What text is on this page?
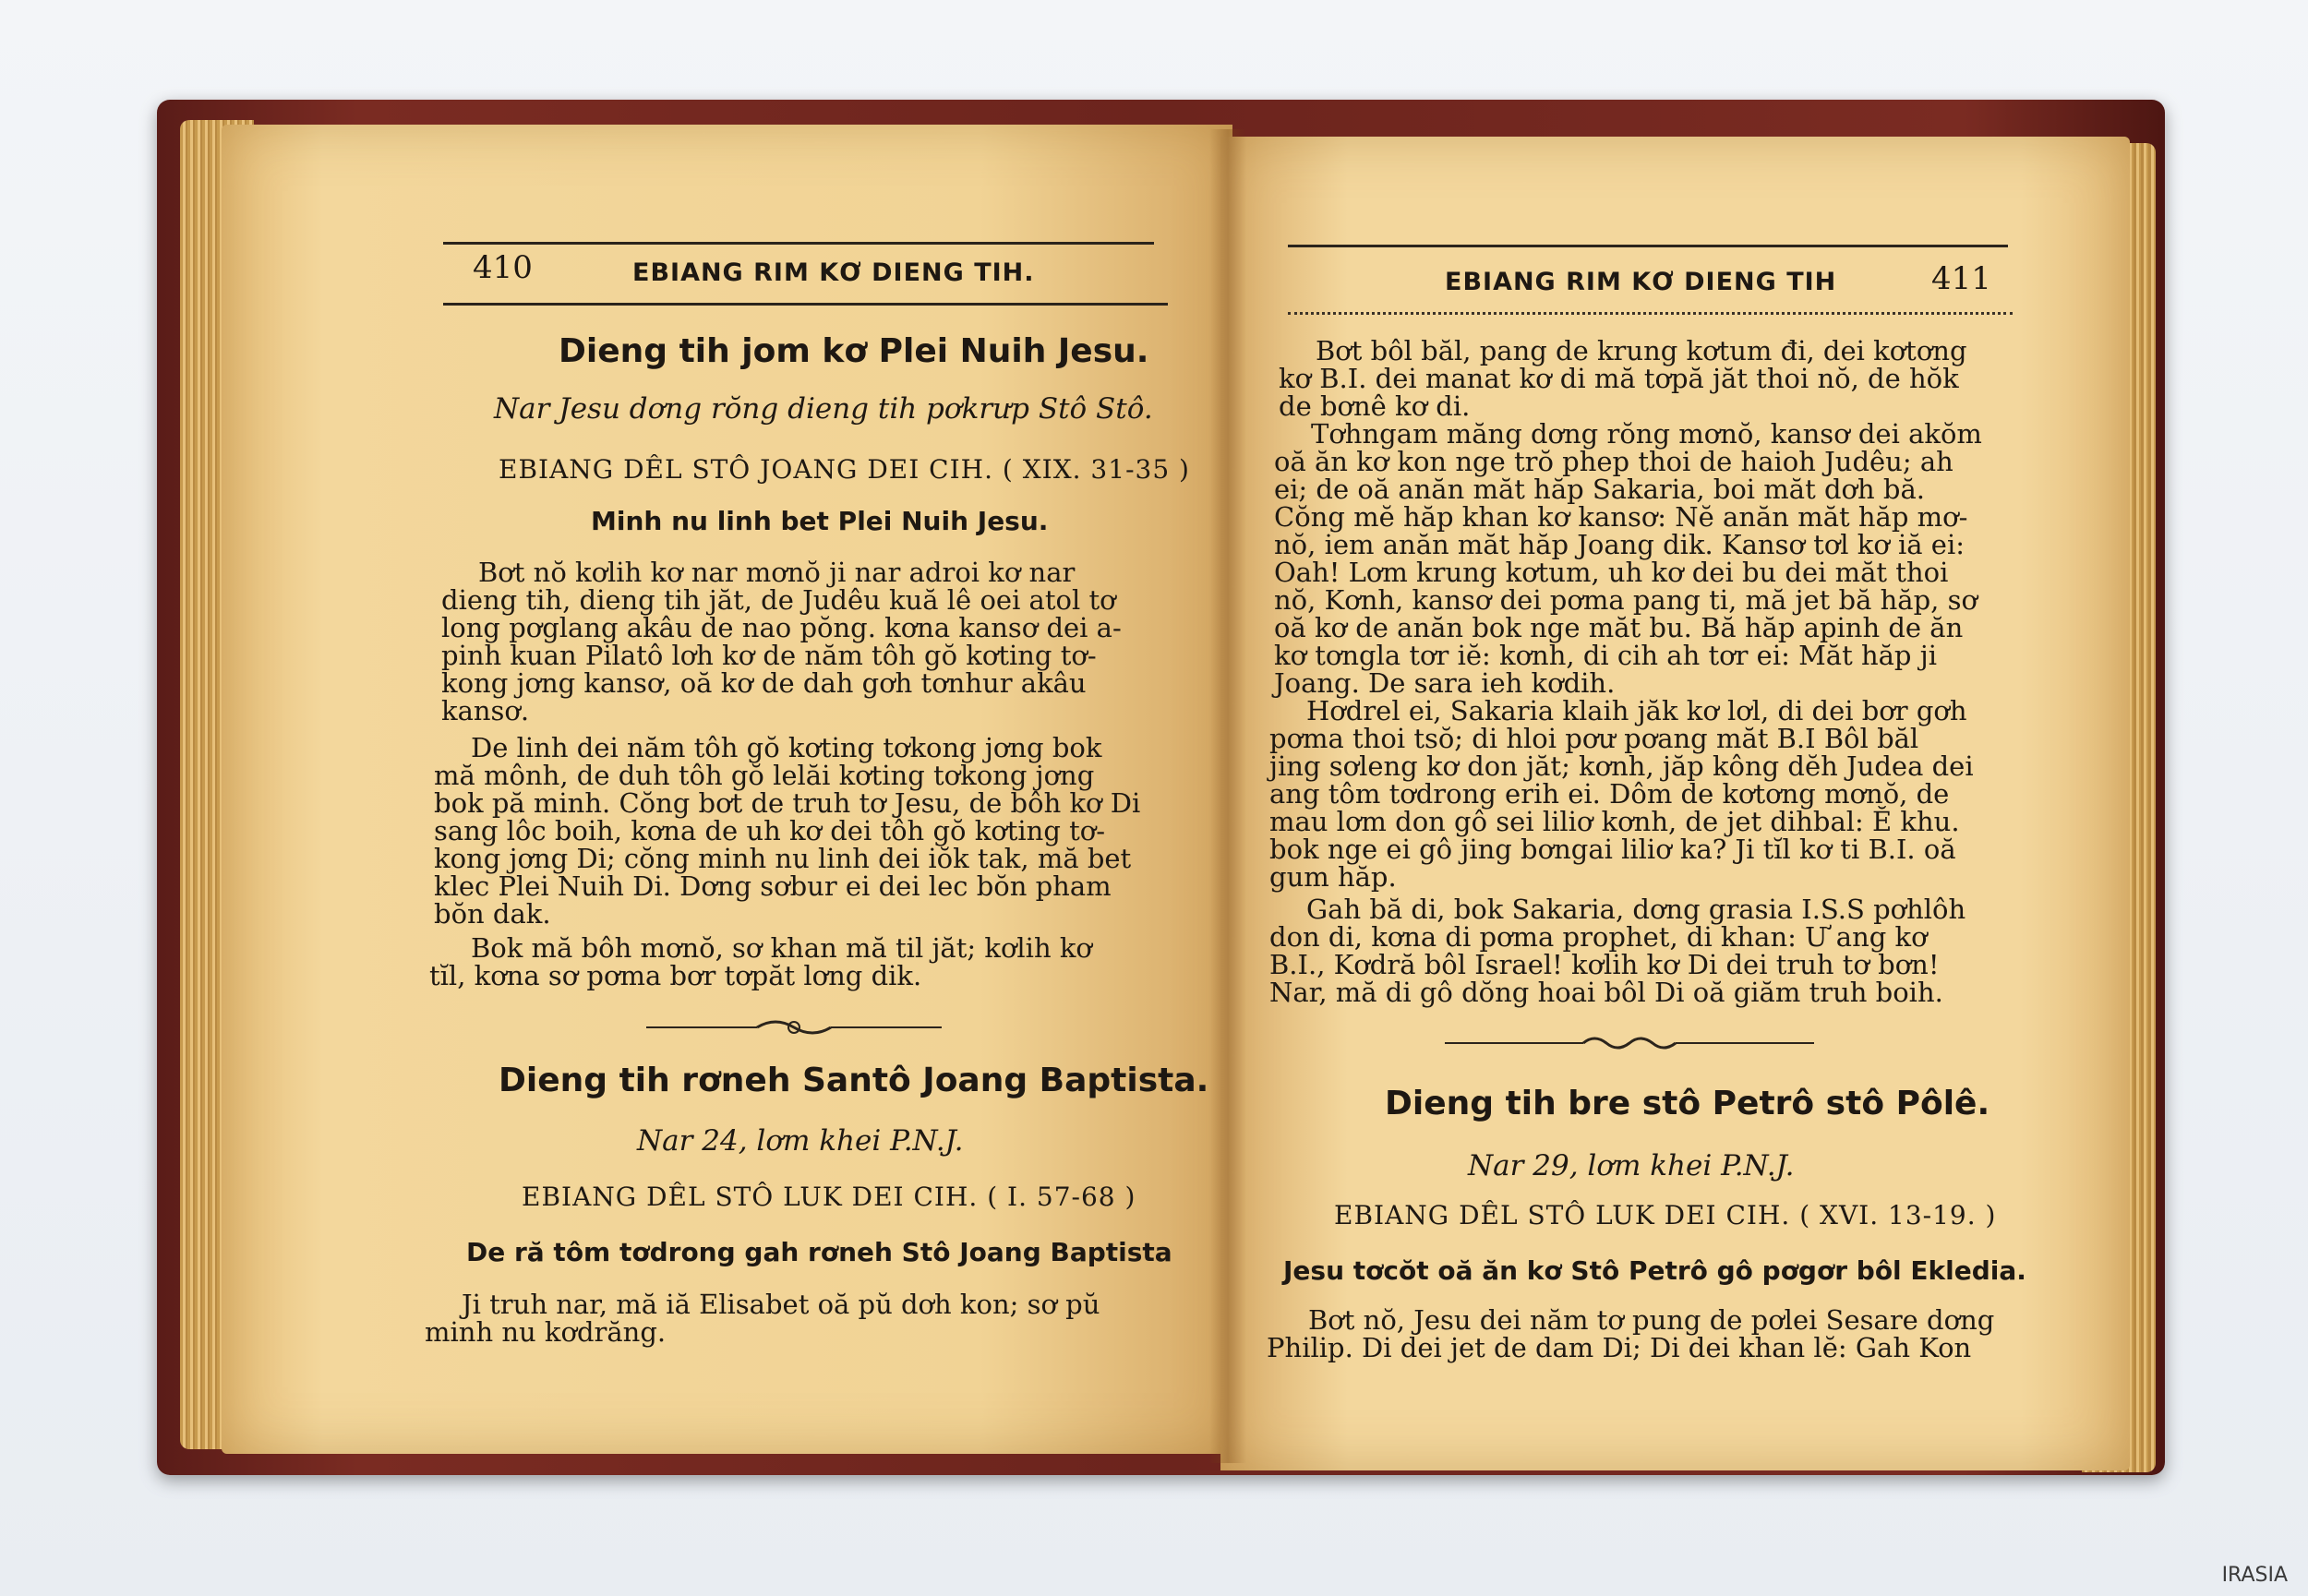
410	EBIANG RIM KƠ DIENG TIH.
Dieng tih jom kơ Plei Nuih Jesu.
Nar Jesu dơng rŏng dieng tih pơkrưp Stô Stô.
EBIANG DÊL STÔ JOANG DEI CIH. ( XIX. 31-35 )
Minh nu linh bet Plei Nuih Jesu.
Bơt nŏ kơlih kơ nar mơnŏ ji nar adroi kơ nar
dieng tih, dieng tih jăt, de Judêu kuă lê oei atol tơ
long pơglang akâu de nao pŏng. kơna kansơ dei a-
pinh kuan Pilatô lơh kơ de năm tôh gŏ kơting tơ-
kong jơng kansơ, oă kơ de dah gơh tơnhur akâu
kansơ.
De linh dei năm tôh gŏ kơting tơkong jơng bok
mă mônh, de duh tôh gŏ lelăi kơting tơkong jơng
bok pă minh. Cŏng bơt de truh tơ Jesu, de bôh kơ Di
sang lôc boih, kơna de uh kơ dei tôh gŏ kơting tơ-
kong jơng Di; cŏng minh nu linh dei iŏk tak, mă bet
klec Plei Nuih Di. Dơng sơbur ei dei lec bŏn pham
bŏn dak.
Bok mă bôh mơnŏ, sơ khan mă til jăt; kơlih kơ
tĭl, kơna sơ pơma bơr tơpăt lơng dik.
Dieng tih rơneh Santô Joang Baptista.
Nar 24, lơm khei P.N.J.
EBIANG DÊL STÔ LUK DEI CIH. ( I. 57-68 )
De ră tôm tơdrong gah rơneh Stô Joang Baptista
Ji truh nar, mă iă Elisabet oă pŭ dơh kon; sơ pŭ
minh nu kơdrăng.
EBIANG RIM KƠ DIENG TIH	411
Bơt bôl băl, pang de krung kơtum đi, dei kơtơng
kơ B.I. dei manat kơ di mă tơpă jăt thoi nŏ, de hŏk
de bơnê kơ di.
Tơhngam măng dơng rŏng mơnŏ, kansơ dei akŏm
oă ăn kơ kon nge trŏ phep thoi de haioh Judêu; ah
ei; de oă anăn măt hăp Sakaria, boi măt dơh bă.
Cŏng mĕ hăp khan kơ kansơ: Nĕ anăn măt hăp mơ-
nŏ, iem anăn măt hăp Joang dik. Kansơ tơl kơ iă ei:
Oah! Lơm krung kơtum, uh kơ dei bu dei măt thoi
nŏ, Kơnh, kansơ dei pơma pang ti, mă jet bă hăp, sơ
oă kơ de anăn bok nge măt bu. Bă hăp apinh de ăn
kơ tơngla tơr iĕ: kơnh, di cih ah tơr ei: Măt hăp ji
Joang. De sara ieh kơdih.
Hơdrel ei, Sakaria klaih jăk kơ lơl, di dei bơr gơh
pơma thoi tsŏ; di hloi pơư pơang măt B.I Bôl băl
jing sơleng kơ don jăt; kơnh, jăp kông dĕh Judea dei
ang tôm tơdrong erih ei. Dôm de kơtơng mơnŏ, de
mau lơm don gô sei liliơ kơnh, de jet dihbal: Ĕ khu.
bok nge ei gô jing bơngai liliơ ka? Ji tĭl kơ ti B.I. oă
gum hăp.
Gah bă di, bok Sakaria, dơng grasia I.S.S pơhlôh
don di, kơna di pơma prophet, di khan: Ư ang kơ
B.I., Kơdră bôl Israel! kơlih kơ Di dei truh tơ bơn!
Nar, mă di gô dŏng hoai bôl Di oă giăm truh boih.
Dieng tih bre stô Petrô stô Pôlê.
Nar 29, lơm khei P.N.J.
EBIANG DÊL STÔ LUK DEI CIH. ( XVI. 13-19. )
Jesu tơcŏt oă ăn kơ Stô Petrô gô pơgơr bôl Ekledia.
Bơt nŏ, Jesu dei năm tơ pung de pơlei Sesare dơng
Philip. Di dei jet de dam Di; Di dei khan lĕ: Gah Kon
IRASIA
